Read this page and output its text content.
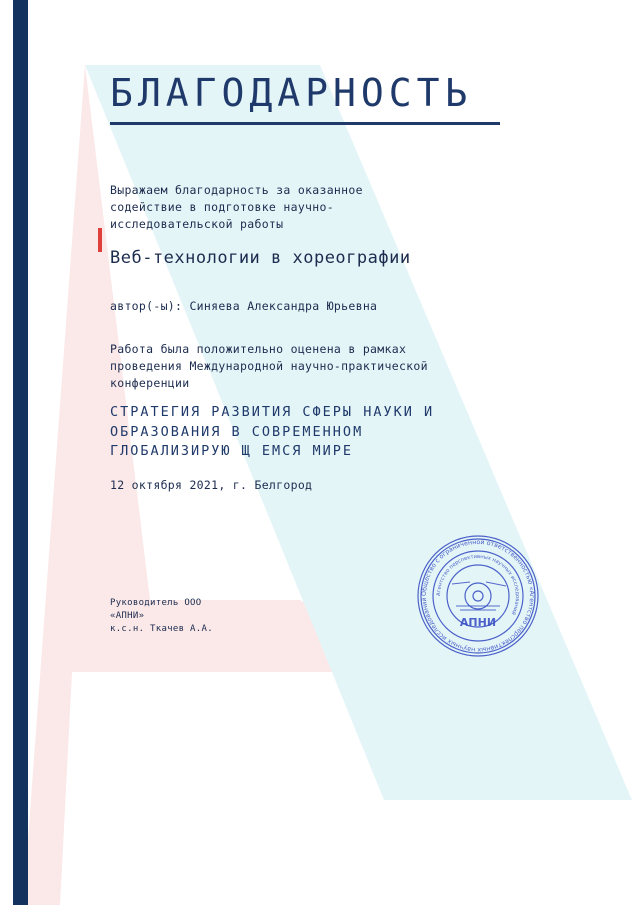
БЛАГОДАРНОСТЬ
Выражаем благодарность за оказанное
содействие в подготовке научно-
исследовательской работы
Веб-технологии в хореографии
автор(-ы): Синяева Александра Юрьевна
Работа была положительно оценена в рамках
проведения Международной научно-практической
конференции
СТРАТЕГИЯ РАЗВИТИЯ СФЕРЫ НАУКИ И
ОБРАЗОВАНИЯ В СОВРЕМЕННОМ
ГЛОБАЛИЗИРУЮ Щ ЕМСЯ МИРЕ
12 октября 2021, г. Белгород
Руководитель ООО
«АПНИ»
к.с.н. Ткачев А.А.
Общество с ограниченной ответственностью «Агентство перспективных научных исследований
Агентство перспективных научных исследований
АПНИ
